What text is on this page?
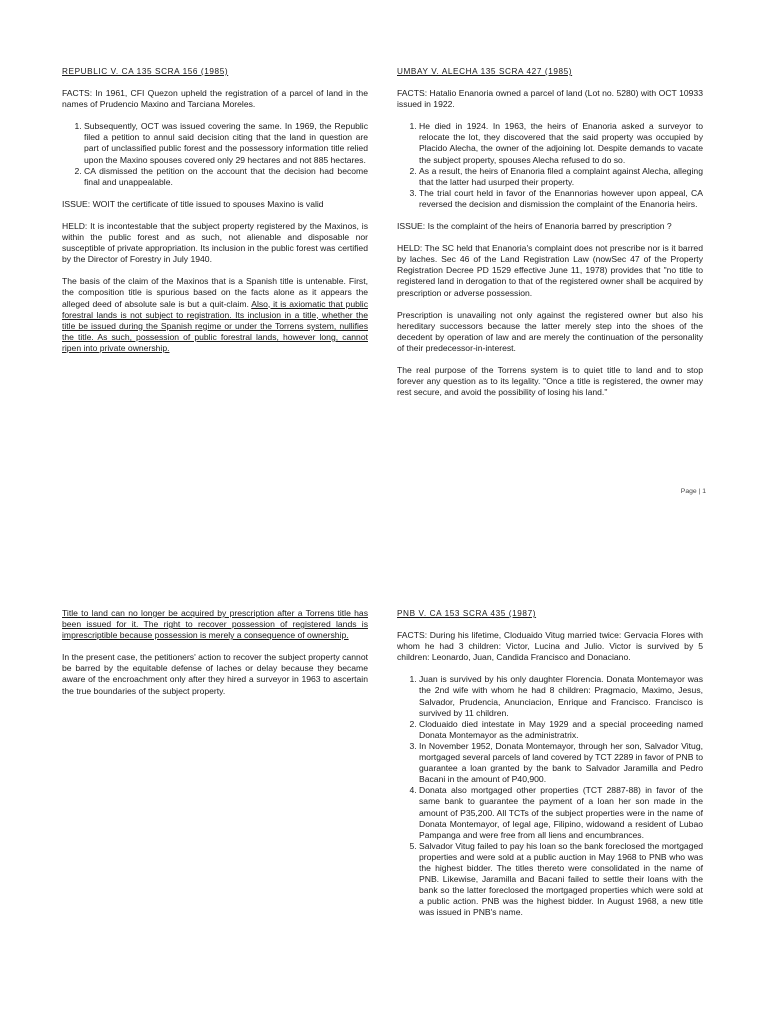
REPUBLIC V. CA 135 SCRA 156 (1985)

FACTS: In 1961, CFI Quezon upheld the registration of a parcel of land in the names of Prudencio Maxino and Tarciana Moreles.

1. Subsequently, OCT was issued covering the same. In 1969, the Republic filed a petition to annul said decision citing that the land in question are part of unclassified public forest and the possessory information title relied upon the Maxino spouses covered only 29 hectares and not 885 hectares.
2. CA dismissed the petition on the account that the decision had become final and unappealable.

ISSUE: WOIT the certificate of title issued to spouses Maxino is valid

HELD: It is incontestable that the subject property registered by the Maxinos, is within the public forest and as such, not alienable and disposable nor susceptible of private appropriation. Its inclusion in the public forest was certified by the Director of Forestry in July 1940.

The basis of the claim of the Maxinos that is a Spanish title is untenable. First, the composition title is spurious based on the facts alone as it appears the alleged deed of absolute sale is but a quit-claim. Also, it is axiomatic that public forestral lands is not subject to registration. Its inclusion in a title, whether the title be issued during the Spanish regime or under the Torrens system, nullifies the title. As such, possession of public forestral lands, however long, cannot ripen into private ownership.

UMBAY V. ALECHA 135 SCRA 427 (1985)

FACTS: Hatalio Enanoria owned a parcel of land (Lot no. 5280) with OCT 10933 issued in 1922.

1. He died in 1924. In 1963, the heirs of Enanoria asked a surveyor to relocate the lot, they discovered that the said property was occupied by Placido Alecha, the owner of the adjoining lot. Despite demands to vacate the subject property, spouses Alecha refused to do so.
2. As a result, the heirs of Enanoria filed a complaint against Alecha, alleging that the latter had usurped their property.
3. The trial court held in favor of the Enannorias however upon appeal, CA reversed the decision and dismission the complaint of the Enanoria heirs.

ISSUE: Is the complaint of the heirs of Enanoria barred by prescription ?

HELD: The SC held that Enanoria's complaint does not prescribe nor is it barred by laches. Sec 46 of the Land Registration Law (nowSec 47 of the Property Registration Decree PD 1529 effective June 11, 1978) provides that "no title to registered land in derogation to that of the registered owner shall be acquired by prescription or adverse possession.

Prescription is unavailing not only against the registered owner but also his hereditary successors because the latter merely step into the shoes of the decedent by operation of law and are merely the continuation of the personality of their predecessor-in-interest.

The real purpose of the Torrens system is to quiet title to land and to stop forever any question as to its legality. "Once a title is registered, the owner may rest secure, and avoid the possibility of losing his land."

Page | 1

Title to land can no longer be acquired by prescription after a Torrens title has been issued for it. The right to recover possession of registered lands is imprescriptible because possession is merely a consequence of ownership.

In the present case, the petitioners' action to recover the subject property cannot be barred by the equitable defense of laches or delay because they became aware of the encroachment only after they hired a surveyor in 1963 to ascertain the true boundaries of the subject property.

PNB V. CA 153 SCRA 435 (1987)

FACTS: During his lifetime, Cloduaido Vitug married twice: Gervacia Flores with whom he had 3 children: Victor, Lucina and Julio. Victor is survived by 5 children: Leonardo, Juan, Candida Francisco and Donaciano.

1. Juan is survived by his only daughter Florencia. Donata Montemayor was the 2nd wife with whom he had 8 children: Pragmacio, Maximo, Jesus, Salvador, Prudencia, Anunciacion, Enrique and Francisco. Francisco is survived by 11 children.
2. Cloduaido died intestate in May 1929 and a special proceeding named Donata Montemayor as the administratrix.
3. In November 1952, Donata Montemayor, through her son, Salvador Vitug, mortgaged several parcels of land covered by TCT 2289 in favor of PNB to guarantee a loan granted by the bank to Salvador Jaramilla and Pedro Bacani in the amount of P40,900.
4. Donata also mortgaged other properties (TCT 2887-88) in favor of the same bank to guarantee the payment of a loan her son made in the amount of P35,200. All TCTs of the subject properties were in the name of Donata Montemayor, of legal age, Filipino, widowand a resident of Lubao Pampanga and were free from all liens and encumbrances.
5. Salvador Vitug failed to pay his loan so the bank foreclosed the mortgaged properties and were sold at a public auction in May 1968 to PNB who was the highest bidder. The titles thereto were consolidated in the name of PNB. Likewise, Jaramilla and Bacani failed to settle their loans with the bank so the latter foreclosed the mortgaged properties which were sold at a public action. PNB was the highest bidder. In August 1968, a new title was issued in PNB's name.
